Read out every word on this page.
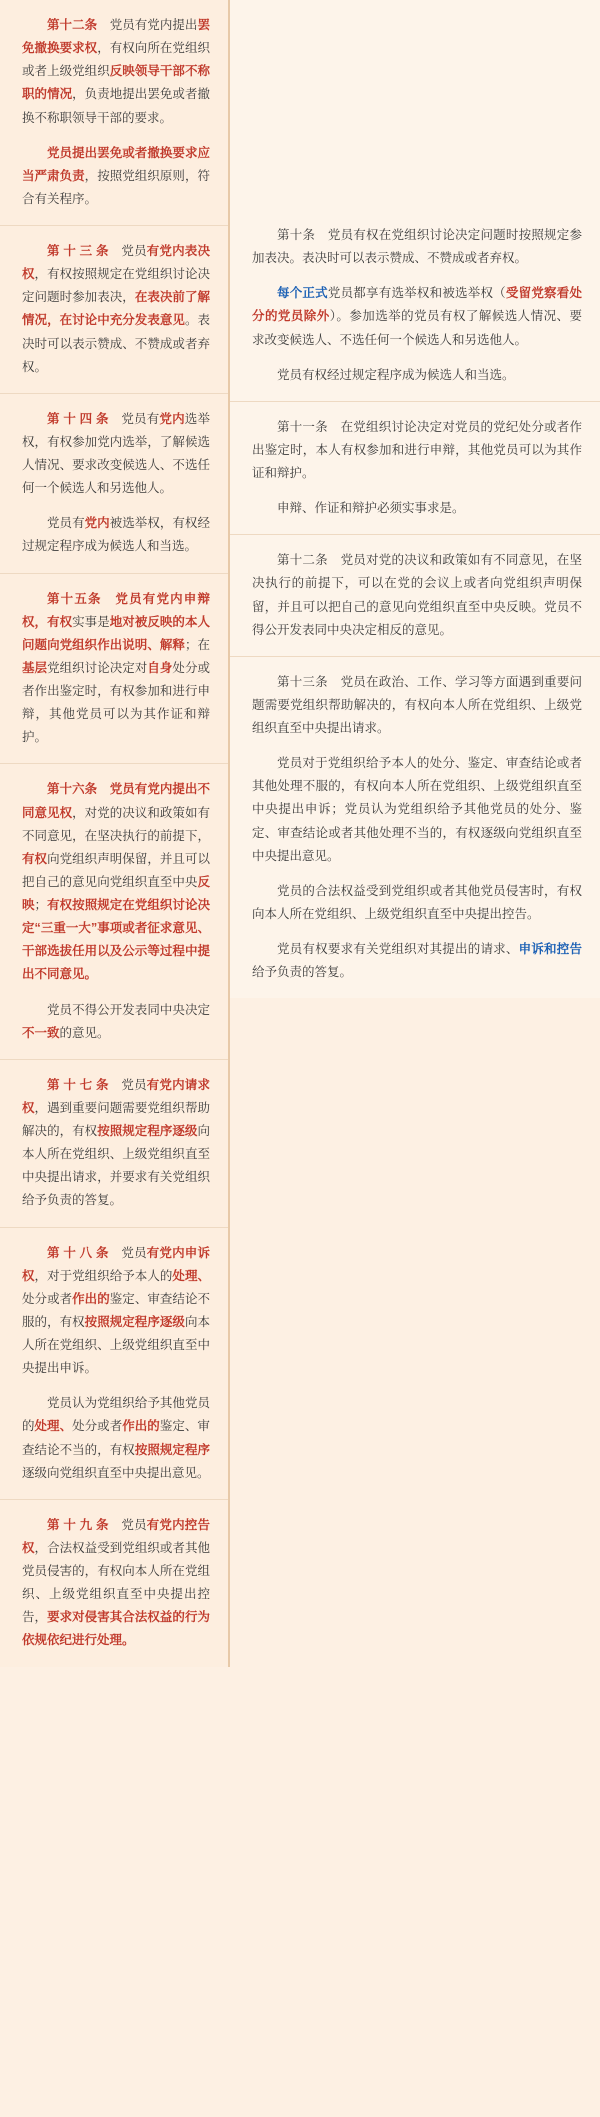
第十二条　党员有党内提出罢免撤换要求权，有权向所在党组织或者上级党组织反映领导干部不称职的情况，负责地提出罢免或者撤换不称职领导干部的要求。

党员提出罢免或者撤换要求应当严肃负责，按照党组织原则，符合有关程序。

第 十 三 条　党员有党内表决权，有权按照规定在党组织讨论决定问题时参加表决，在表决前了解情况，在讨论中充分发表意见。表决时可以表示赞成、不赞成或者弃权。

第 十 四 条　党员有党内选举权，有权参加党内选举，了解候选人情况、要求改变候选人、不选任何一个候选人和另选他人。

党员有党内被选举权，有权经过规定程序成为候选人和当选。

第十五条　 党员有党内申辩权，有权实事是地对被反映的本人问题向党组织作出说明、解释；在基层党组织讨论决定对自身处分或者作出鉴定时，有权参加和进行申辩，其他党员可以为其作证和辩护。

第十六条　 党员有党内提出不同意见权，对党的决议和政策如有不同意见，在坚决执行的前提下，有权向党组织声明保留，并且可以把自己的意见向党组织直至中央反映；有权按照规定在党组织讨论决定“三重一大”事项或者征求意见、干部选拔任用以及公示等过程中提出不同意见。

党员不得公开发表同中央决定不一致的意见。

第 十 七 条　党员有党内请求权，遇到重要问题需要党组织帮助解决的，有权按照规定程序逐级向本人所在党组织、上级党组织直至中央提出请求，并要求有关党组织给予负责的答复。

第 十 八 条　党员有党内申诉权，对于党组织给予本人的处理、处分或者作出的鉴定、审查结论不服的，有权按照规定程序逐级向本人所在党组织、上级党组织直至中央提出申诉。

党员认为党组织给予其他党员的处理、处分或者作出的鉴定、审查结论不当的，有权按照规定程序逐级向党组织直至中央提出意见。

第 十 九 条　党员有党内控告权，合法权益受到党组织或者其他党员侵害的，有权向本人所在党组织、上级党组织直至中央提出控告，要求对侵害其合法权益的行为依规依纪进行处理。

第十条　党员有权在党组织讨论决定问题时按照规定参加表决。表决时可以表示赞成、不赞成或者弃权。

每个正式党员都享有选举权和被选举权（受留党察看处分的党员除外）。参加选举的党员有权了解候选人情况、要求改变候选人、不选任何一个候选人和另选他人。

党员有权经过规定程序成为候选人和当选。

第十一条　在党组织讨论决定对党员的党纪处分或者作出鉴定时，本人有权参加和进行申辩，其他党员可以为其作证和辩护。

申辩、作证和辩护必须实事求是。

第十二条　党员对党的决议和政策如有不同意见，在坚决执行的前提下，可以在党的会议上或者向党组织声明保留，并且可以把自己的意见向党组织直至中央反映。党员不得公开发表同中央决定相反的意见。

第十三条　党员在政治、工作、学习等方面遇到重要问题需要党组织帮助解决的，有权向本人所在党组织、上级党组织直至中央提出请求。

党员对于党组织给予本人的处分、鉴定、审查结论或者其他处理不服的，有权向本人所在党组织、上级党组织直至中央提出申诉；党员认为党组织给予其他党员的处分、鉴定、审查结论或者其他处理不当的，有权逐级向党组织直至中央提出意见。

党员的合法权益受到党组织或者其他党员侵害时，有权向本人所在党组织、上级党组织直至中央提出控告。

党员有权要求有关党组织对其提出的请求、申诉和控告给予负责的答复。
